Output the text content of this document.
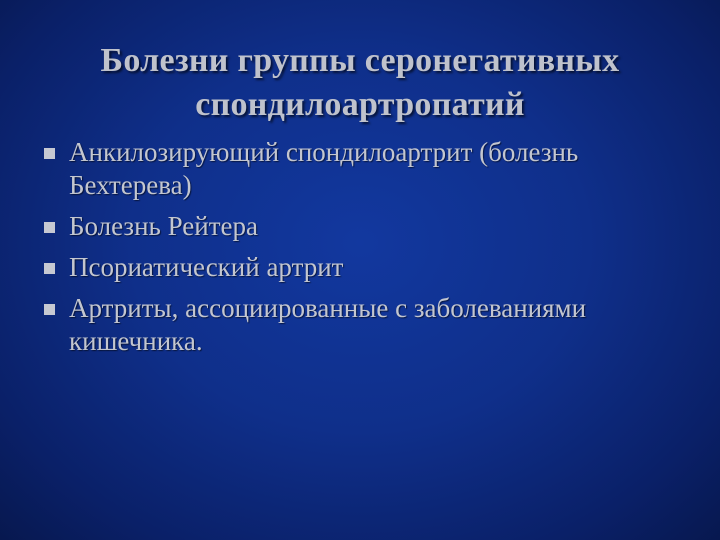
Болезни группы серонегативных
спондилоартропатий
Анкилозирующий спондилоартрит (болезнь Бехтерева)
Болезнь Рейтера
Псориатический артрит
Артриты, ассоциированные с заболеваниями кишечника.
